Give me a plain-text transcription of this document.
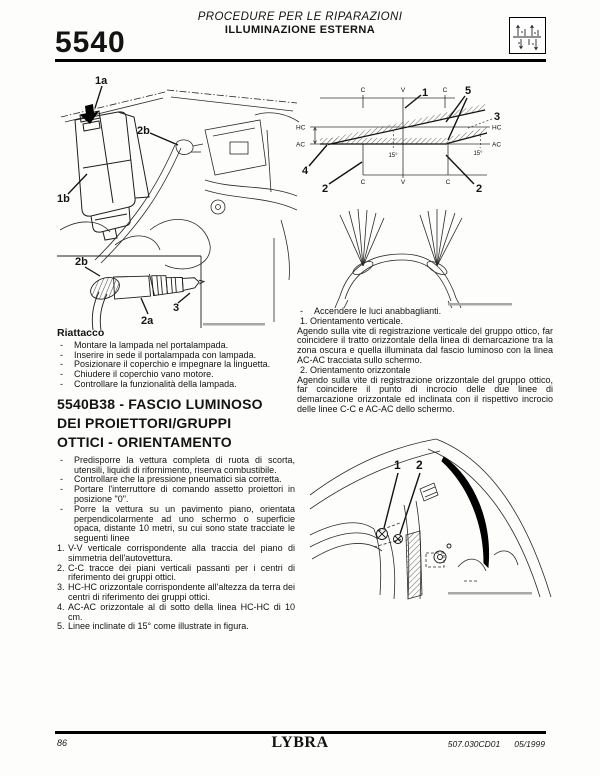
PROCEDURE PER LE RIPARAZIONI
ILLUMINAZIONE ESTERNA
5540
1a
1b
2b
2b
2a
3
C	V	C
HC	HC
AC	AC
C	V	C
15°	15°
1	5
3
4
2	2
1 2
Riattacco
- Montare la lampada nel portalampada.
- Inserire in sede il portalampada con lampada.
- Posizionare il coperchio e impegnare la linguetta.
- Chiudere il coperchio vano motore.
- Controllare la funzionalità della lampada.
5540B38 - FASCIO LUMINOSO
DEI PROIETTORI/GRUPPI
OTTICI - ORIENTAMENTO
- Predisporre la vettura completa di ruota di scorta, utensili, liquidi di rifornimento, riserva combustibile.
- Controllare che la pressione pneumatici sia corretta.
- Portare l'interruttore di comando assetto proiettori in posizione "0".
- Porre la vettura su un pavimento piano, orientata perpendicolarmente ad uno schermo o superficie opaca, distante 10 metri, su cui sono state tracciate le seguenti linee
1. V-V verticale corrispondente alla traccia del piano di simmetria dell'autovettura.
2. C-C tracce dei piani verticali passanti per i centri di riferimento dei gruppi ottici.
3. HC-HC orizzontale corrispondente all'altezza da terra dei centri di riferimento dei gruppi ottici.
4. AC-AC orizzontale al di sotto della linea HC-HC di 10 cm.
5. Linee inclinate di 15° come illustrate in figura.
- Accendere le luci anabbaglianti.
1. Orientamento verticale.
Agendo sulla vite di registrazione verticale del gruppo ottico, far coincidere il tratto orizzontale della linea di demarcazione tra la zona oscura e quella illuminata dal fascio luminoso con la linea AC-AC tracciata sullo schermo.
2. Orientamento orizzontale
Agendo sulla vite di registrazione orizzontale del gruppo ottico, far coincidere il punto di incrocio delle due linee di demarcazione orizzontale ed inclinata con il rispettivo incrocio delle linee C-C e AC-AC dello schermo.
86	LYBRA	507.030CD01 05/1999
